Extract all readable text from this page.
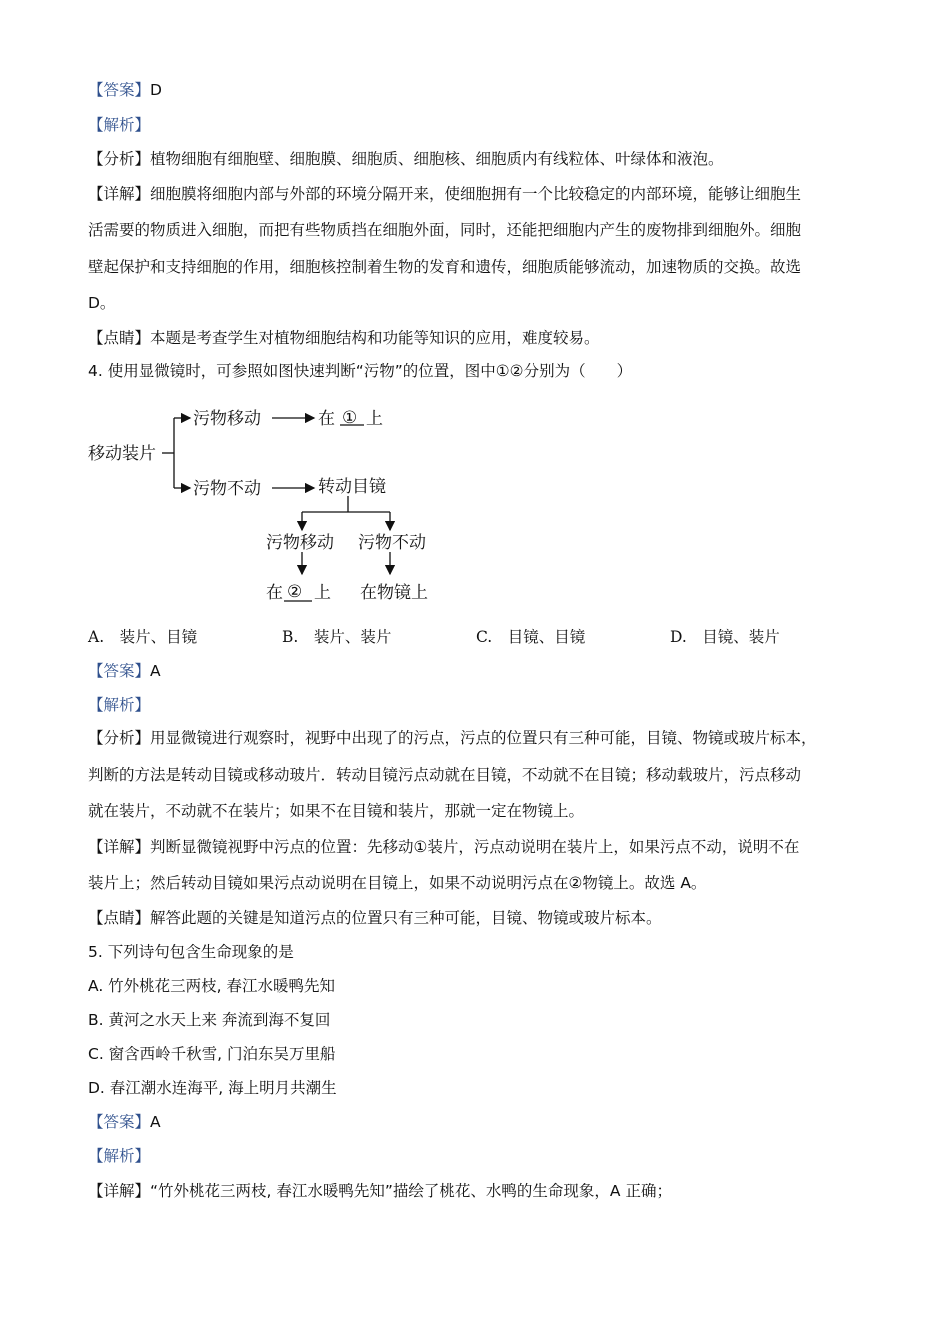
【答案】D
【解析】
【分析】植物细胞有细胞壁、细胞膜、细胞质、细胞核、细胞质内有线粒体、叶绿体和液泡。
【详解】细胞膜将细胞内部与外部的环境分隔开来，使细胞拥有一个比较稳定的内部环境，能够让细胞生
活需要的物质进入细胞，而把有些物质挡在细胞外面，同时，还能把细胞内产生的废物排到细胞外。细胞
壁起保护和支持细胞的作用，细胞核控制着生物的发育和遗传，细胞质能够流动，加速物质的交换。故选
D。
【点睛】本题是考查学生对植物细胞结构和功能等知识的应用，难度较易。
4. 使用显微镜时，可参照如图快速判断“污物”的位置，图中①②分别为（　　）
移动装片
污物移动	在 ① 上
污物不动	转动目镜
污物移动 污物不动
在 ② 上 在物镜上
A.　装片、目镜	B.　装片、装片	C.　目镜、目镜	D.　目镜、装片
【答案】A
【解析】
【分析】用显微镜进行观察时，视野中出现了的污点，污点的位置只有三种可能，目镜、物镜或玻片标本，
判断的方法是转动目镜或移动玻片．转动目镜污点动就在目镜，不动就不在目镜；移动载玻片，污点移动
就在装片，不动就不在装片；如果不在目镜和装片，那就一定在物镜上。
【详解】判断显微镜视野中污点的位置：先移动①装片，污点动说明在装片上，如果污点不动，说明不在
装片上；然后转动目镜如果污点动说明在目镜上，如果不动说明污点在②物镜上。故选 A。
【点睛】解答此题的关键是知道污点的位置只有三种可能，目镜、物镜或玻片标本。
5. 下列诗句包含生命现象的是
A. 竹外桃花三两枝, 春江水暖鸭先知
B. 黄河之水天上来 奔流到海不复回
C. 窗含西岭千秋雪, 门泊东吴万里船
D. 春江潮水连海平, 海上明月共潮生
【答案】A
【解析】
【详解】“竹外桃花三两枝, 春江水暖鸭先知”描绘了桃花、水鸭的生命现象，A 正确；
